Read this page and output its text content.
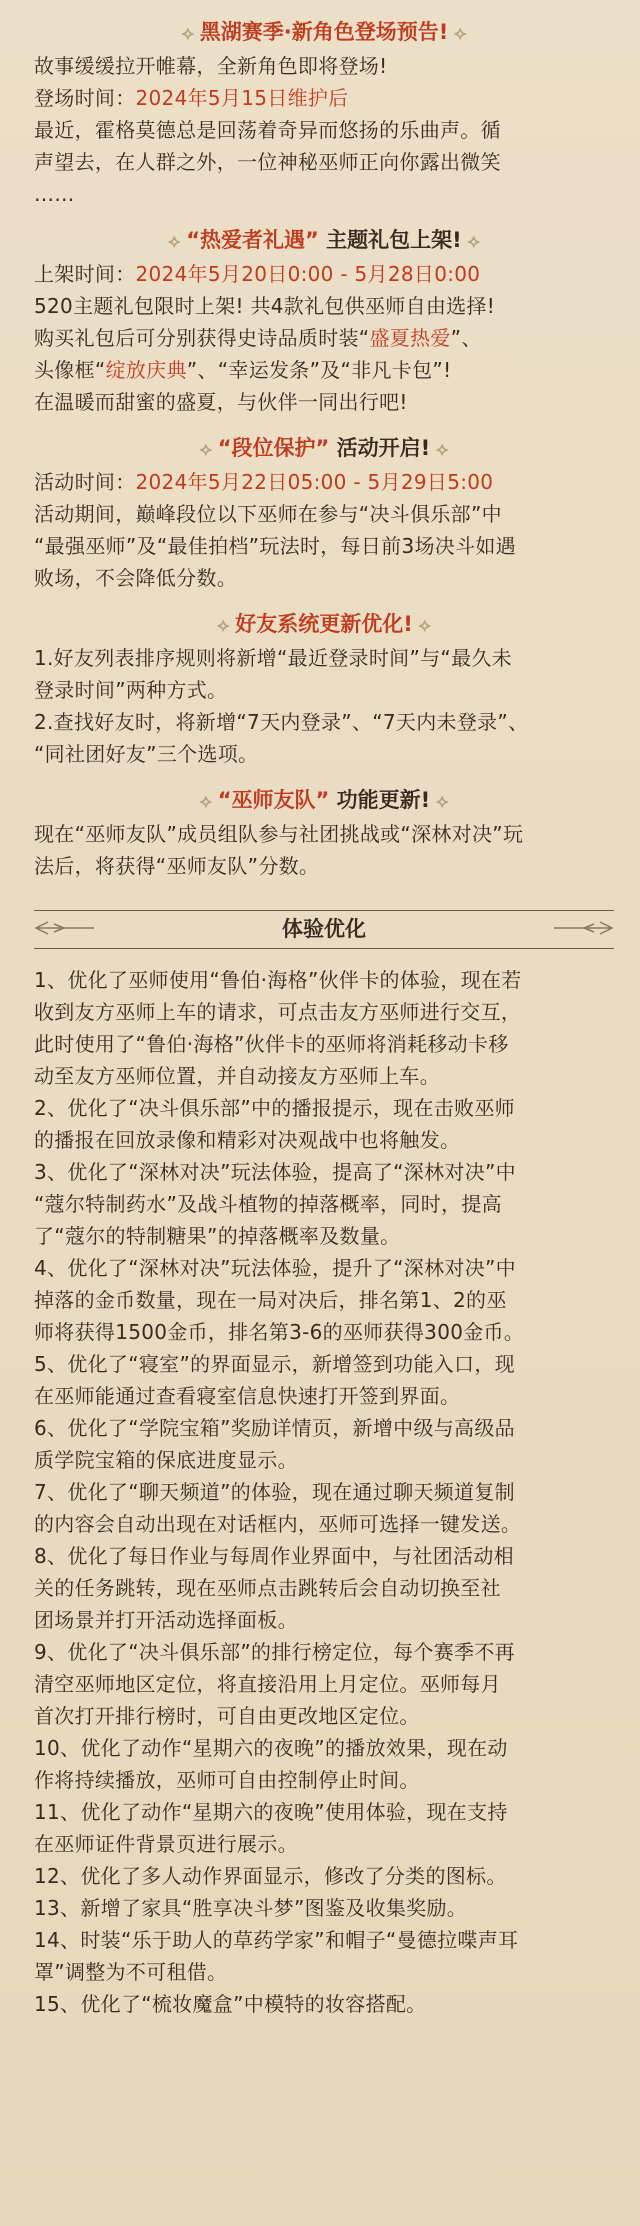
⟡ 黑湖赛季·新角色登场预告! ⟡
故事缓缓拉开帷幕，全新角色即将登场!
登场时间：2024年5月15日维护后
最近，霍格莫德总是回荡着奇异而悠扬的乐曲声。循
声望去，在人群之外，一位神秘巫师正向你露出微笑
……
⟡ “热爱者礼遇” 主题礼包上架! ⟡
上架时间：2024年5月20日0:00 - 5月28日0:00
520主题礼包限时上架! 共4款礼包供巫师自由选择!
购买礼包后可分别获得史诗品质时装“盛夏热爱”、
头像框“绽放庆典”、“幸运发条”及“非凡卡包”!
在温暖而甜蜜的盛夏，与伙伴一同出行吧!
⟡ “段位保护” 活动开启! ⟡
活动时间：2024年5月22日05:00 - 5月29日5:00
活动期间，巅峰段位以下巫师在参与“决斗俱乐部”中
“最强巫师”及“最佳拍档”玩法时，每日前3场决斗如遇
败场，不会降低分数。
⟡ 好友系统更新优化! ⟡
1.好友列表排序规则将新增“最近登录时间”与“最久未
登录时间”两种方式。
2.查找好友时，将新增“7天内登录”、“7天内未登录”、
“同社团好友”三个选项。
⟡ “巫师友队” 功能更新! ⟡
现在“巫师友队”成员组队参与社团挑战或“深林对决”玩
法后，将获得“巫师友队”分数。
体验优化
1、优化了巫师使用“鲁伯·海格”伙伴卡的体验，现在若
收到友方巫师上车的请求，可点击友方巫师进行交互，
此时使用了“鲁伯·海格”伙伴卡的巫师将消耗移动卡移
动至友方巫师位置，并自动接友方巫师上车。
2、优化了“决斗俱乐部”中的播报提示，现在击败巫师
的播报在回放录像和精彩对决观战中也将触发。
3、优化了“深林对决”玩法体验，提高了“深林对决”中
“蔻尔特制药水”及战斗植物的掉落概率，同时，提高
了“蔻尔的特制糖果”的掉落概率及数量。
4、优化了“深林对决”玩法体验，提升了“深林对决”中
掉落的金币数量，现在一局对决后，排名第1、2的巫
师将获得1500金币，排名第3-6的巫师获得300金币。
5、优化了“寝室”的界面显示，新增签到功能入口，现
在巫师能通过查看寝室信息快速打开签到界面。
6、优化了“学院宝箱”奖励详情页，新增中级与高级品
质学院宝箱的保底进度显示。
7、优化了“聊天频道”的体验，现在通过聊天频道复制
的内容会自动出现在对话框内，巫师可选择一键发送。
8、优化了每日作业与每周作业界面中，与社团活动相
关的任务跳转，现在巫师点击跳转后会自动切换至社
团场景并打开活动选择面板。
9、优化了“决斗俱乐部”的排行榜定位，每个赛季不再
清空巫师地区定位，将直接沿用上月定位。巫师每月
首次打开排行榜时，可自由更改地区定位。
10、优化了动作“星期六的夜晚”的播放效果，现在动
作将持续播放，巫师可自由控制停止时间。
11、优化了动作“星期六的夜晚”使用体验，现在支持
在巫师证件背景页进行展示。
12、优化了多人动作界面显示，修改了分类的图标。
13、新增了家具“胜享决斗梦”图鉴及收集奖励。
14、时装“乐于助人的草药学家”和帽子“曼德拉喋声耳
罩”调整为不可租借。
15、优化了“梳妆魔盒”中模特的妆容搭配。
